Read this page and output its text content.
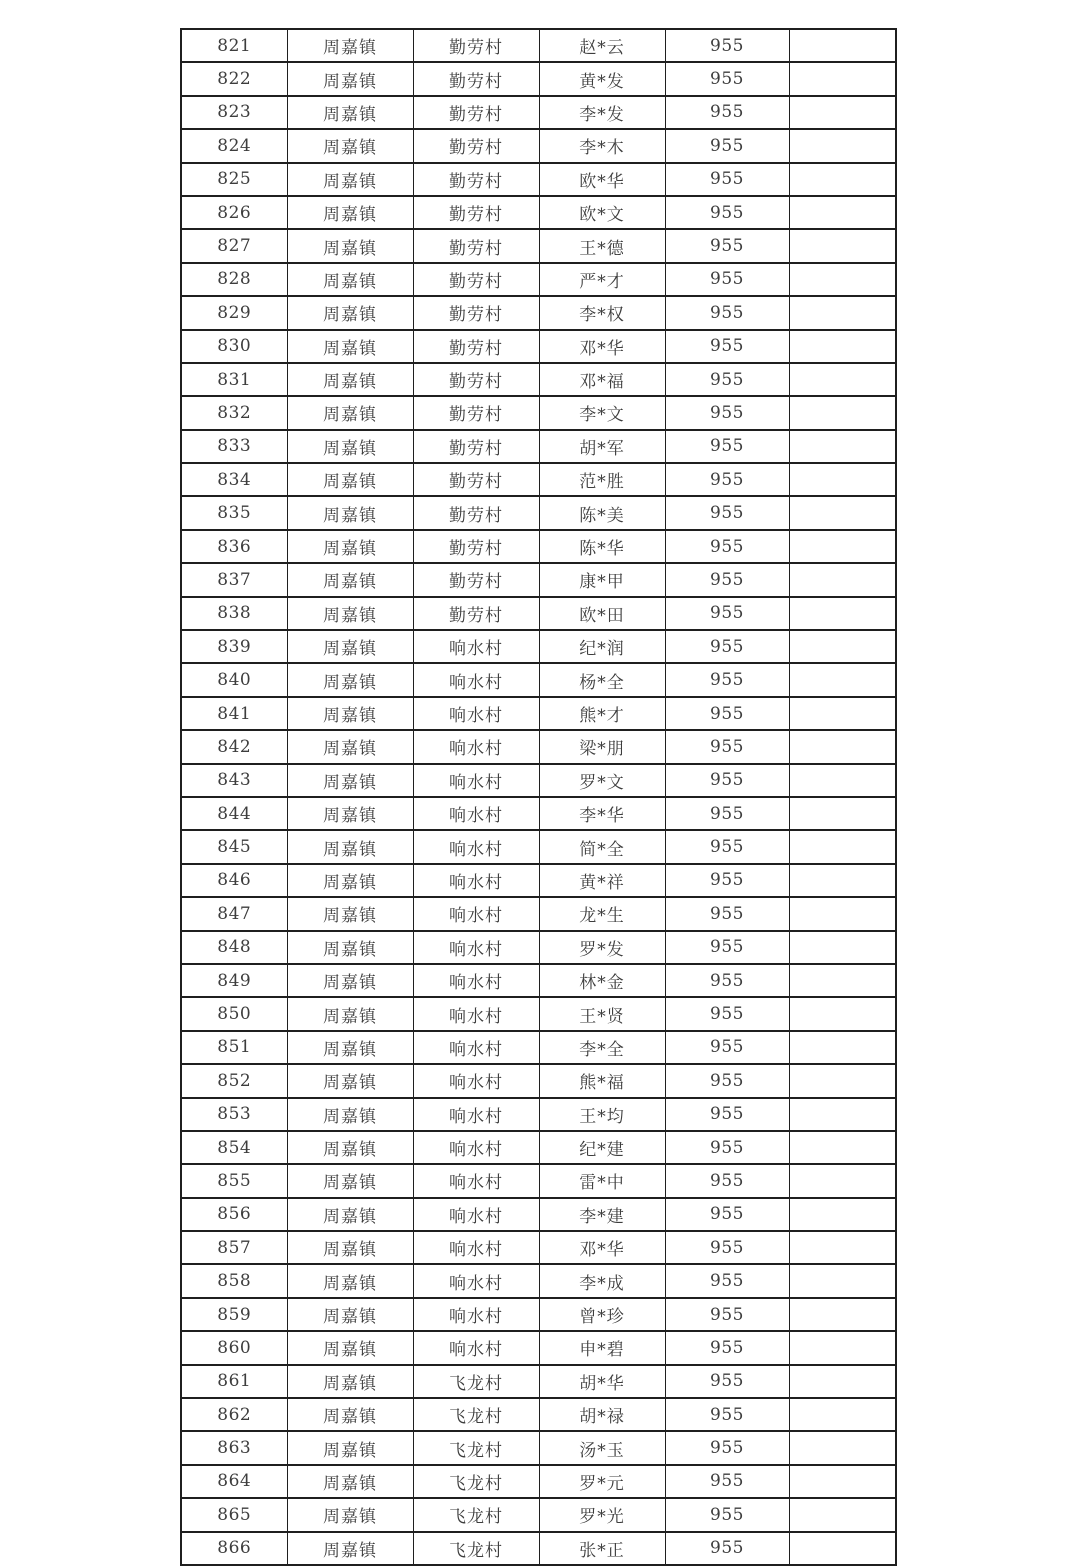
821	周嘉镇	勤劳村	赵*云	955	
822	周嘉镇	勤劳村	黄*发	955	
823	周嘉镇	勤劳村	李*发	955	
824	周嘉镇	勤劳村	李*木	955	
825	周嘉镇	勤劳村	欧*华	955	
826	周嘉镇	勤劳村	欧*文	955	
827	周嘉镇	勤劳村	王*德	955	
828	周嘉镇	勤劳村	严*才	955	
829	周嘉镇	勤劳村	李*权	955	
830	周嘉镇	勤劳村	邓*华	955	
831	周嘉镇	勤劳村	邓*福	955	
832	周嘉镇	勤劳村	李*文	955	
833	周嘉镇	勤劳村	胡*军	955	
834	周嘉镇	勤劳村	范*胜	955	
835	周嘉镇	勤劳村	陈*美	955	
836	周嘉镇	勤劳村	陈*华	955	
837	周嘉镇	勤劳村	康*甲	955	
838	周嘉镇	勤劳村	欧*田	955	
839	周嘉镇	响水村	纪*润	955	
840	周嘉镇	响水村	杨*全	955	
841	周嘉镇	响水村	熊*才	955	
842	周嘉镇	响水村	梁*朋	955	
843	周嘉镇	响水村	罗*文	955	
844	周嘉镇	响水村	李*华	955	
845	周嘉镇	响水村	简*全	955	
846	周嘉镇	响水村	黄*祥	955	
847	周嘉镇	响水村	龙*生	955	
848	周嘉镇	响水村	罗*发	955	
849	周嘉镇	响水村	林*金	955	
850	周嘉镇	响水村	王*贤	955	
851	周嘉镇	响水村	李*全	955	
852	周嘉镇	响水村	熊*福	955	
853	周嘉镇	响水村	王*均	955	
854	周嘉镇	响水村	纪*建	955	
855	周嘉镇	响水村	雷*中	955	
856	周嘉镇	响水村	李*建	955	
857	周嘉镇	响水村	邓*华	955	
858	周嘉镇	响水村	李*成	955	
859	周嘉镇	响水村	曾*珍	955	
860	周嘉镇	响水村	申*碧	955	
861	周嘉镇	飞龙村	胡*华	955	
862	周嘉镇	飞龙村	胡*禄	955	
863	周嘉镇	飞龙村	汤*玉	955	
864	周嘉镇	飞龙村	罗*元	955	
865	周嘉镇	飞龙村	罗*光	955	
866	周嘉镇	飞龙村	张*正	955	
